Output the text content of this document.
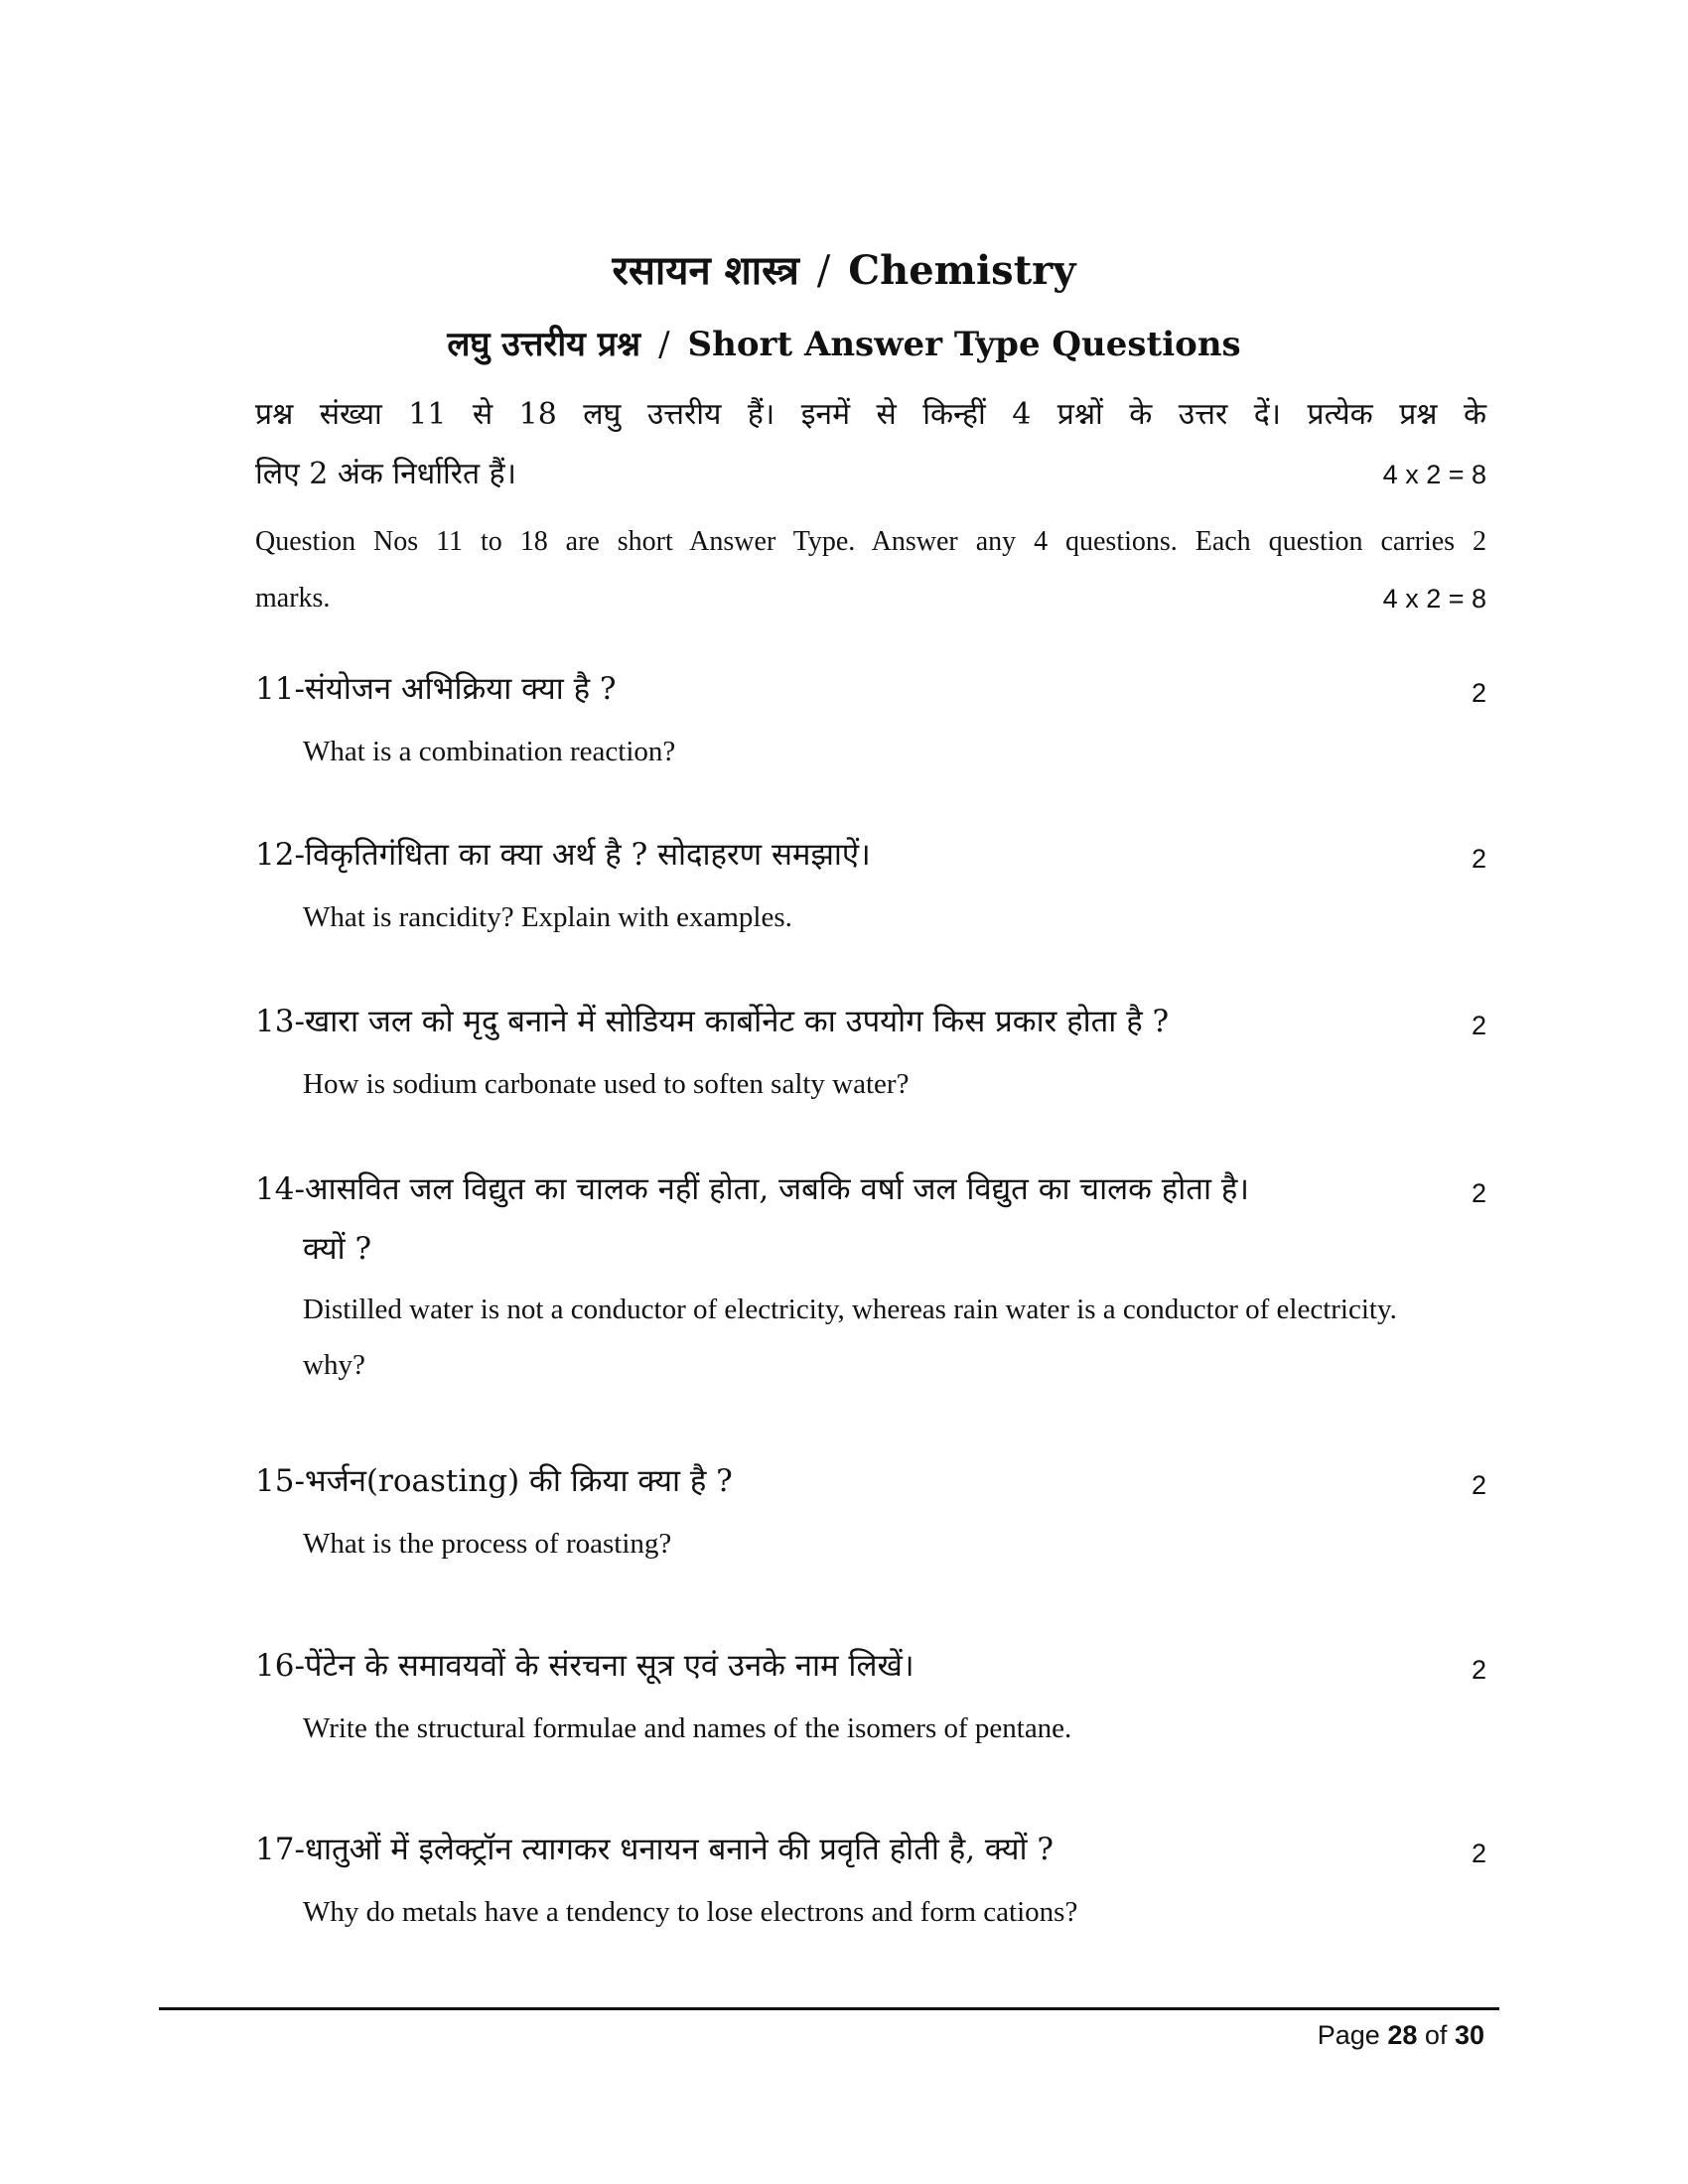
रसायन शास्त्र / Chemistry
लघु उत्तरीय प्रश्न / Short Answer Type Questions
प्रश्न संख्या 11 से 18 लघु उत्तरीय हैं। इनमें से किन्हीं 4 प्रश्नों के उत्तर दें। प्रत्येक प्रश्न के
लिए 2 अंक निर्धारित हैं।	4 x 2 = 8
Question Nos 11 to 18 are short Answer Type. Answer any 4 questions. Each question carries 2
marks.	4 x 2 = 8
11-संयोजन अभिक्रिया क्या है ?	2
What is a combination reaction?
12-विकृतिगंधिता का क्या अर्थ है ? सोदाहरण समझाऐं।	2
What is rancidity? Explain with examples.
13-खारा जल को मृदु बनाने में सोडियम कार्बोनेट का उपयोग किस प्रकार होता है ?	2
How is sodium carbonate used to soften salty water?
14-आसवित जल विद्युत का चालक नहीं होता, जबकि वर्षा जल विद्युत का चालक होता है।	2
क्यों ?
Distilled water is not a conductor of electricity, whereas rain water is a conductor of electricity.
why?
15-भर्जन(roasting) की क्रिया क्या है ?	2
What is the process of roasting?
16-पेंटेन के समावयवों के संरचना सूत्र एवं उनके नाम लिखें।	2
Write the structural formulae and names of the isomers of pentane.
17-धातुओं में इलेक्ट्रॉन त्यागकर धनायन बनाने की प्रवृति होती है, क्यों ?	2
Why do metals have a tendency to lose electrons and form cations?
Page 28 of 30
